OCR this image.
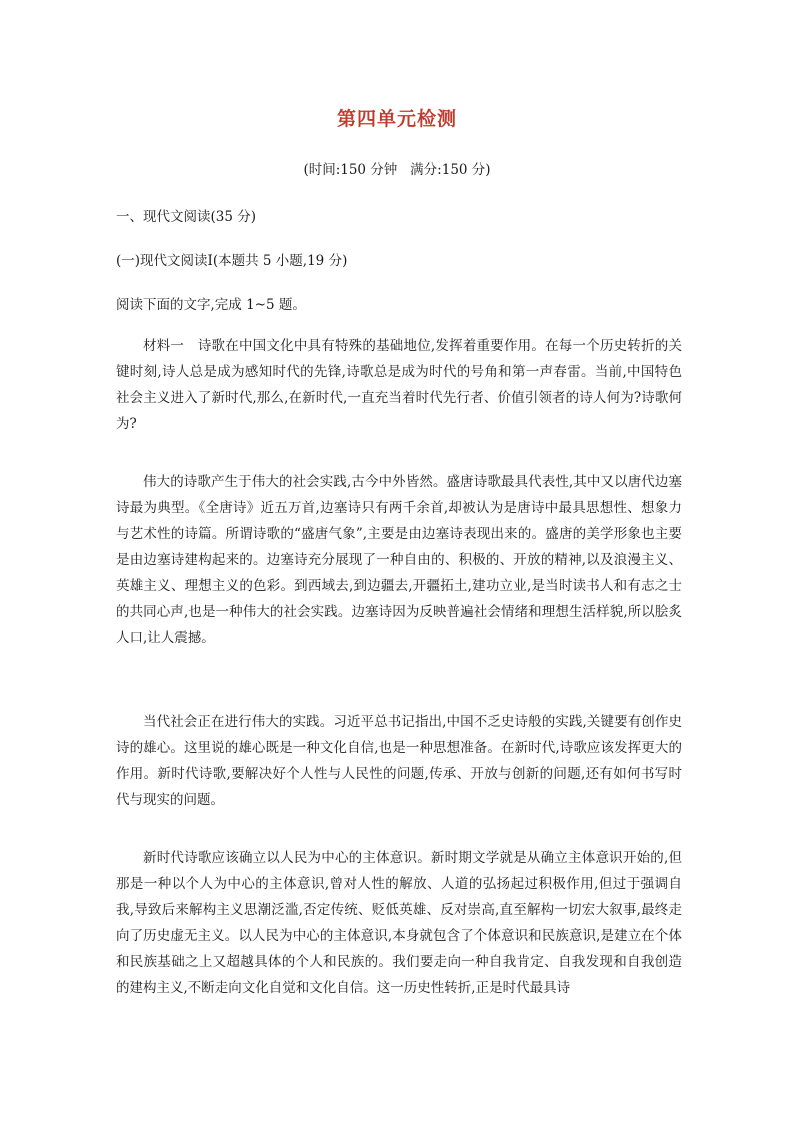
第四单元检测
(时间:150 分钟   满分:150 分)
一、现代文阅读(35 分)
(一)现代文阅读Ⅰ(本题共 5 小题,19 分)
阅读下面的文字,完成 1~5 题。
材料一　诗歌在中国文化中具有特殊的基础地位,发挥着重要作用。在每一个历史转折的关键时刻,诗人总是成为感知时代的先锋,诗歌总是成为时代的号角和第一声春雷。当前,中国特色社会主义进入了新时代,那么,在新时代,一直充当着时代先行者、价值引领者的诗人何为?诗歌何为?
伟大的诗歌产生于伟大的社会实践,古今中外皆然。盛唐诗歌最具代表性,其中又以唐代边塞诗最为典型。《全唐诗》近五万首,边塞诗只有两千余首,却被认为是唐诗中最具思想性、想象力与艺术性的诗篇。所谓诗歌的“盛唐气象”,主要是由边塞诗表现出来的。盛唐的美学形象也主要是由边塞诗建构起来的。边塞诗充分展现了一种自由的、积极的、开放的精神,以及浪漫主义、英雄主义、理想主义的色彩。到西域去,到边疆去,开疆拓土,建功立业,是当时读书人和有志之士的共同心声,也是一种伟大的社会实践。边塞诗因为反映普遍社会情绪和理想生活样貌,所以脍炙人口,让人震撼。
当代社会正在进行伟大的实践。习近平总书记指出,中国不乏史诗般的实践,关键要有创作史诗的雄心。这里说的雄心既是一种文化自信,也是一种思想准备。在新时代,诗歌应该发挥更大的作用。新时代诗歌,要解决好个人性与人民性的问题,传承、开放与创新的问题,还有如何书写时代与现实的问题。
新时代诗歌应该确立以人民为中心的主体意识。新时期文学就是从确立主体意识开始的,但那是一种以个人为中心的主体意识,曾对人性的解放、人道的弘扬起过积极作用,但过于强调自我,导致后来解构主义思潮泛滥,否定传统、贬低英雄、反对崇高,直至解构一切宏大叙事,最终走向了历史虚无主义。以人民为中心的主体意识,本身就包含了个体意识和民族意识,是建立在个体和民族基础之上又超越具体的个人和民族的。我们要走向一种自我肯定、自我发现和自我创造的建构主义,不断走向文化自觉和文化自信。这一历史性转折,正是时代最具诗
